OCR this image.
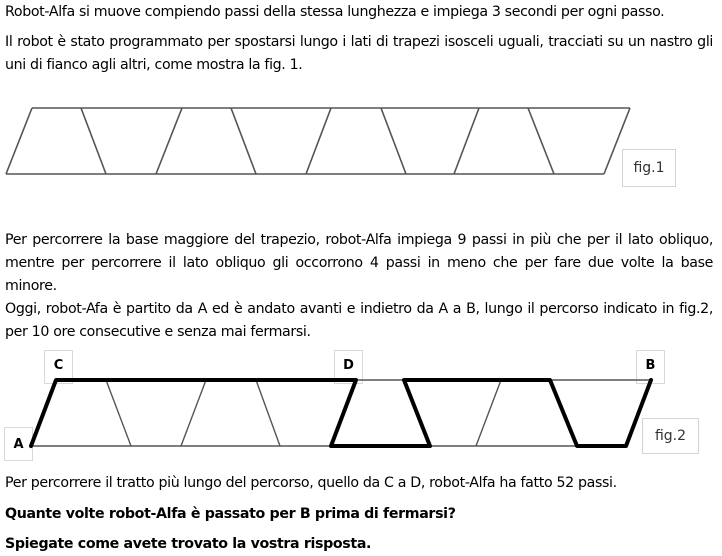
Robot-Alfa si muove compiendo passi della stessa lunghezza e impiega 3 secondi per ogni passo.

Il robot è stato programmato per spostarsi lungo i lati di trapezi isosceli uguali, tracciati su un nastro gli uni di fianco agli altri, come mostra la fig. 1.

fig.1

Per percorrere la base maggiore del trapezio, robot-Alfa impiega 9 passi in più che per il lato obliquo, mentre per percorrere il lato obliquo gli occorrono 4 passi in meno che per fare due volte la base minore.

Oggi, robot-Afa è partito da A ed è andato avanti e indietro da A a B, lungo il percorso indicato in fig.2, per 10 ore consecutive e senza mai fermarsi.

C	D	B
A
fig.2

Per percorrere il tratto più lungo del percorso, quello da C a D, robot-Alfa ha fatto 52 passi.

Quante volte robot-Alfa è passato per B prima di fermarsi?

Spiegate come avete trovato la vostra risposta.
